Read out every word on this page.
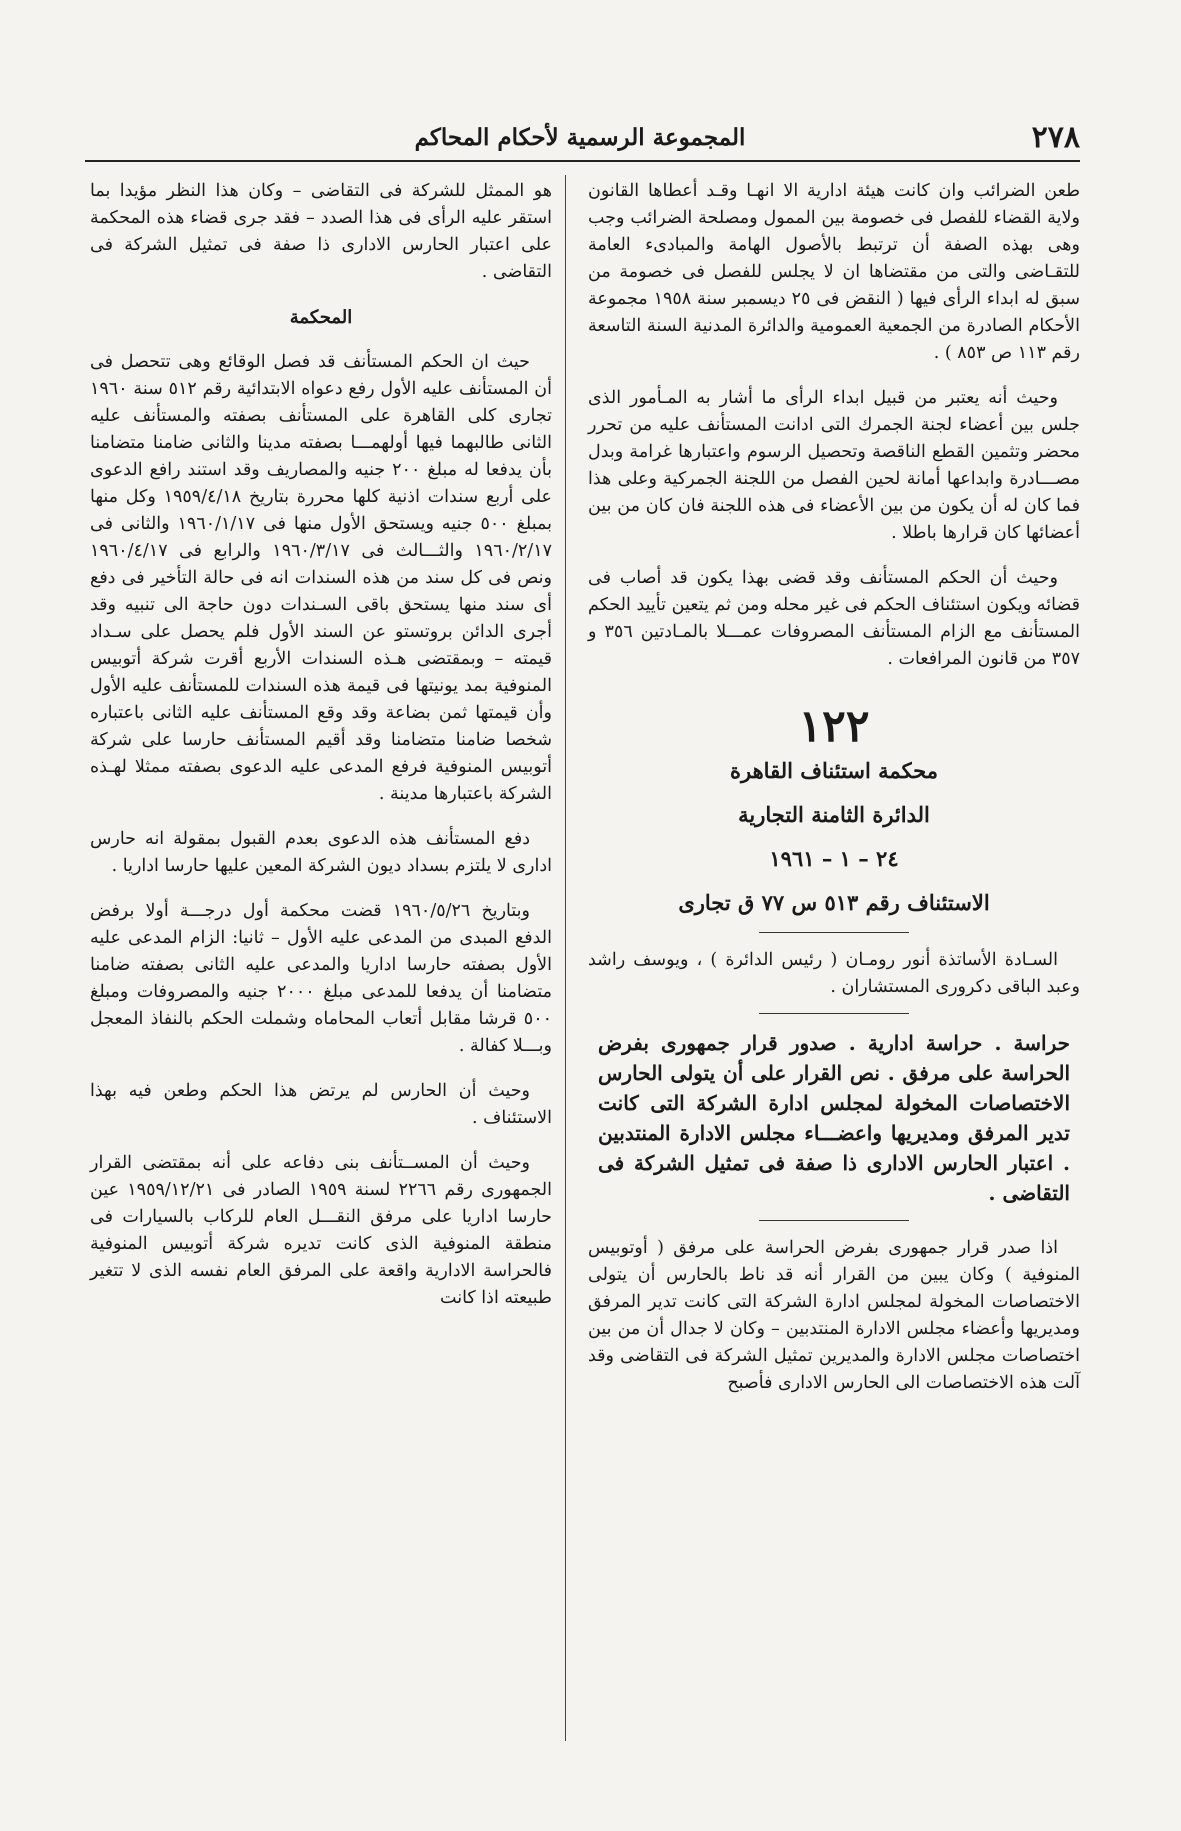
٢٧٨
المجموعة الرسمية لأحكام المحاكم

طعن الضرائب وان كانت هيئة ادارية الا انهـا وقـد أعطاها القانون ولاية القضاء للفصل فى خصومة بين الممول ومصلحة الضرائب وجب وهى بهذه الصفة أن ترتبط بالأصول الهامة والمبادىء العامة للتقـاضى والتى من مقتضاها ان لا يجلس للفصل فى خصومة من سبق له ابداء الرأى فيها ( النقض فى ٢٥ ديسمبر سنة ١٩٥٨ مجموعة الأحكام الصادرة من الجمعية العمومية والدائرة المدنية السنة التاسعة رقم ١١٣ ص ٨٥٣ ) .

وحيث أنه يعتبر من قبيل ابداء الرأى ما أشار به المـأمور الذى جلس بين أعضاء لجنة الجمرك التى ادانت المستأنف عليه من تحرر محضر وتثمين القطع الناقصة وتحصيل الرسوم واعتبارها غرامة وبدل مصـــادرة وابداعها أمانة لحين الفصل من اللجنة الجمركية وعلى هذا فما كان له أن يكون من بين الأعضاء فى هذه اللجنة فان كان من بين أعضائها كان قرارها باطلا .

وحيث أن الحكم المستأنف وقد قضى بهذا يكون قد أصاب فى قضائه ويكون استئناف الحكم فى غير محله ومن ثم يتعين تأييد الحكم المستأنف مع الزام المستأنف المصروفات عمـــلا بالمـادتين ٣٥٦ و ٣٥٧ من قانون المرافعات .

١٢٢
محكمة استئناف القاهرة
الدائرة الثامنة التجارية
٢٤ – ١ – ١٩٦١
الاستئناف رقم ٥١٣ س ٧٧ ق تجارى

السـادة الأساتذة أنور رومـان ( رئيس الدائرة ) ، ويوسف راشد وعبد الباقى دكرورى المستشاران .

حراسة . حراسة ادارية . صدور قرار جمهورى بفرض الحراسة على مرفق . نص القرار على أن يتولى الحارس الاختصاصات المخولة لمجلس ادارة الشركة التى كانت تدير المرفق ومديريها واعضـــاء مجلس الادارة المنتدبين . اعتبار الحارس الادارى ذا صفة فى تمثيل الشركة فى التقاضى .

اذا صدر قرار جمهورى بفرض الحراسة على مرفق ( أوتوبيس المنوفية ) وكان يبين من القرار أنه قد ناط بالحارس أن يتولى الاختصاصات المخولة لمجلس ادارة الشركة التى كانت تدير المرفق ومديريها وأعضاء مجلس الادارة المنتدبين – وكان لا جدال أن من بين اختصاصات مجلس الادارة والمديرين تمثيل الشركة فى التقاضى وقد آلت هذه الاختصاصات الى الحارس الادارى فأصبح

هو الممثل للشركة فى التقاضى – وكان هذا النظر مؤيدا بما استقر عليه الرأى فى هذا الصدد – فقد جرى قضاء هذه المحكمة على اعتبار الحارس الادارى ذا صفة فى تمثيل الشركة فى التقاضى .

المحكمة

حيث ان الحكم المستأنف قد فصل الوقائع وهى تتحصل فى أن المستأنف عليه الأول رفع دعواه الابتدائية رقم ٥١٢ سنة ١٩٦٠ تجارى كلى القاهرة على المستأنف بصفته والمستأنف عليه الثانى طالبهما فيها أولهمـــا بصفته مدينا والثانى ضامنا متضامنا بأن يدفعا له مبلغ ٢٠٠ جنيه والمصاريف وقد استند رافع الدعوى على أربع سندات اذنية كلها محررة بتاريخ ١٩٥٩/٤/١٨ وكل منها بمبلغ ٥٠٠ جنيه ويستحق الأول منها فى ١٩٦٠/١/١٧ والثانى فى ١٩٦٠/٢/١٧ والثـــالث فى ١٩٦٠/٣/١٧ والرابع فى ١٩٦٠/٤/١٧ ونص فى كل سند من هذه السندات انه فى حالة التأخير فى دفع أى سند منها يستحق باقى السـندات دون حاجة الى تنبيه وقد أجرى الدائن بروتستو عن السند الأول فلم يحصل على سـداد قيمته – وبمقتضى هـذه السندات الأربع أقرت شركة أتوبيس المنوفية بمد يونيتها فى قيمة هذه السندات للمستأنف عليه الأول وأن قيمتها ثمن بضاعة وقد وقع المستأنف عليه الثانى باعتباره شخصا ضامنا متضامنا وقد أقيم المستأنف حارسا على شركة أتوبيس المنوفية فرفع المدعى عليه الدعوى بصفته ممثلا لهـذه الشركة باعتبارها مدينة .

دفع المستأنف هذه الدعوى بعدم القبول بمقولة انه حارس ادارى لا يلتزم بسداد ديون الشركة المعين عليها حارسا اداريا .

وبتاريخ ١٩٦٠/٥/٢٦ قضت محكمة أول درجـــة أولا برفض الدفع المبدى من المدعى عليه الأول – ثانيا: الزام المدعى عليه الأول بصفته حارسا اداريا والمدعى عليه الثانى بصفته ضامنا متضامنا أن يدفعا للمدعى مبلغ ٢٠٠٠ جنيه والمصروفات ومبلغ ٥٠٠ قرشا مقابل أتعاب المحاماه وشملت الحكم بالنفاذ المعجل وبـــلا كفالة .

وحيث أن الحارس لم يرتض هذا الحكم وطعن فيه بهذا الاستئناف .

وحيث أن المســتأنف بنى دفاعه على أنه بمقتضى القرار الجمهورى رقم ٢٢٦٦ لسنة ١٩٥٩ الصادر فى ١٩٥٩/١٢/٢١ عين حارسا اداريا على مرفق النقـــل العام للركاب بالسيارات فى منطقة المنوفية الذى كانت تديره شركة أتوبيس المنوفية فالحراسة الادارية واقعة على المرفق العام نفسه الذى لا تتغير طبيعته اذا كانت
